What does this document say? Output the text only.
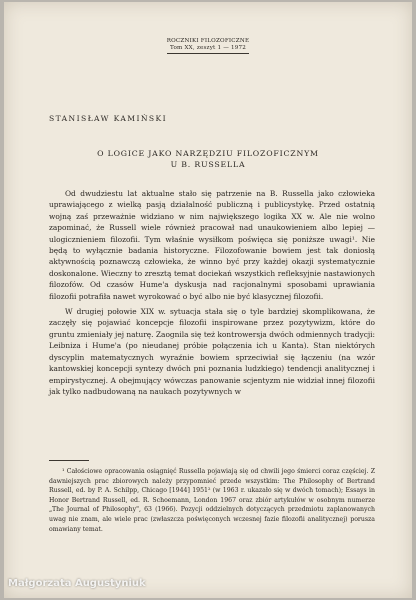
ROCZNIKI FILOZOFICZNE
Tom XX, zeszyt 1 — 1972
STANISŁAW KAMIŃSKI
O LOGICE JAKO NARZĘDZIU FILOZOFICZNYM
U B. RUSSELLA

Od dwudziestu lat aktualne stało się patrzenie na B. Russella jako człowieka uprawiającego z wielką pasją działalność publiczną i publicystykę. Przed ostatnią wojną zaś przeważnie widziano w nim największego logika XX w. Ale nie wolno zapominać, że Russell wiele również pracował nad unaukowieniem albo lepiej — ulogicznieniem filozofii. Tym właśnie wysiłkom poświęca się poniższe uwagi¹. Nie będą to wyłącznie badania historyczne. Filozofowanie bowiem jest tak doniosłą aktywnością poznawczą człowieka, że winno być przy każdej okazji systematycznie doskonalone. Wieczny to zresztą temat dociekań wszystkich refleksyjnie nastawionych filozofów. Od czasów Hume'a dyskusja nad racjonalnymi sposobami uprawiania filozofii potrafiła nawet wyrokować o być albo nie być klasycznej filozofii.

W drugiej połowie XIX w. sytuacja stała się o tyle bardziej skomplikowana, że zaczęły się pojawiać koncepcje filozofii inspirowane przez pozytywizm, które do gruntu zmieniały jej naturę. Zaognila się też kontrowersja dwóch odmiennych tradycji: Leibniza i Hume'a (po nieudanej próbie połączenia ich u Kanta). Stan niektórych dyscyplin matematycznych wyraźnie bowiem sprzeciwiał się łączeniu (na wzór kantowskiej koncepcji syntezy dwóch pni poznania ludzkiego) tendencji analitycznej i empirystycznej. A obejmujący wówczas panowanie scjentyzm nie widział innej filozofii jak tylko nadbudowaną na naukach pozytywnych w

¹ Całościowe opracowania osiągnięć Russella pojawiają się od chwili jego śmierci coraz częściej. Z dawniejszych prac zbiorowych należy przypomnieć przede wszystkim: The Philosophy of Bertrand Russell, ed. by P. A. Schilpp, Chicago [1944] 1951² (w 1963 r. ukazało się w dwóch tomach); Essays in Honor Bertrand Russell, ed. R. Schoemann, London 1967 oraz zbiór artykułów w osobnym numerze „The Journal of Philosophy", 63 (1966). Pozycji oddzielnych dotyczących przedmiotu zaplanowanych uwag nie znam, ale wiele prac (zwłaszcza poświęconych wczesnej fazie filozofii analitycznej) porusza omawiany temat.

Małgorzata Augustyniuk
